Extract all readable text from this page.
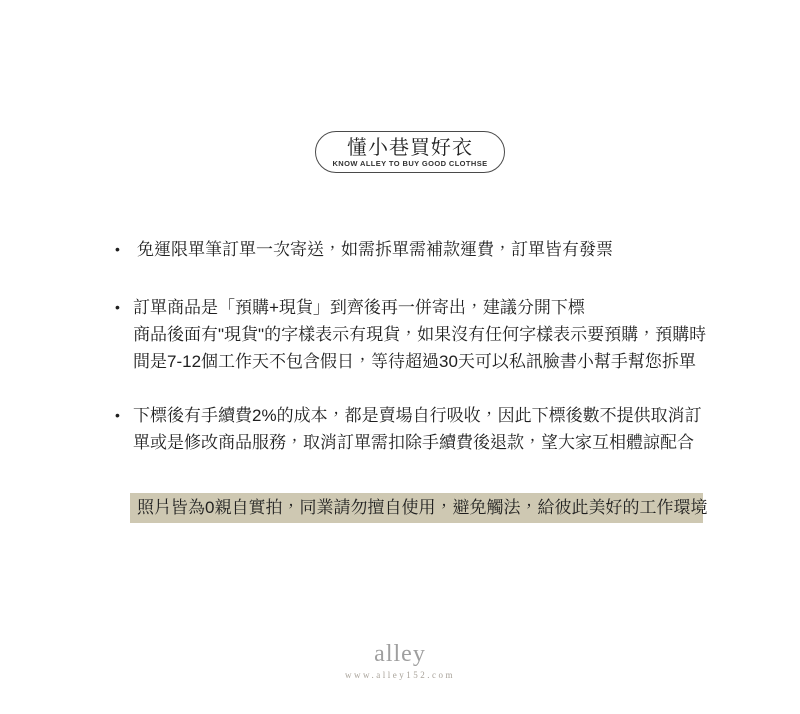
懂小巷買好衣
KNOW ALLEY TO BUY GOOD CLOTHSE
•	免運限單筆訂單一次寄送，如需拆單需補款運費，訂單皆有發票
• 訂單商品是「預購+現貨」到齊後再一併寄出，建議分開下標
商品後面有"現貨"的字樣表示有現貨，如果沒有任何字樣表示要預購，預購時
間是7-12個工作天不包含假日，等待超過30天可以私訊臉書小幫手幫您拆單
• 下標後有手續費2%的成本，都是賣場自行吸收，因此下標後數不提供取消訂
單或是修改商品服務，取消訂單需扣除手續費後退款，望大家互相體諒配合
照片皆為0親自實拍，同業請勿擅自使用，避免觸法，給彼此美好的工作環境
alley
www.alley152.com
